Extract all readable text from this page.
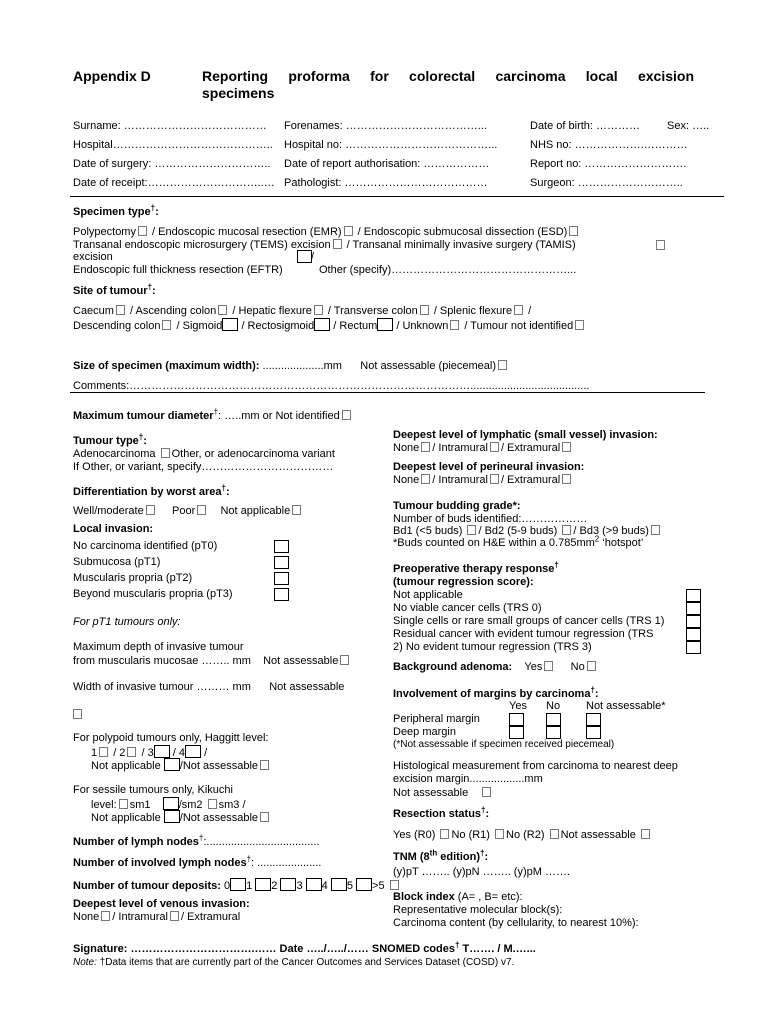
Appendix D	Reporting proforma for colorectal carcinoma local excision
specimens
Surname: ………………………………… Forenames: ………………………………...	Date of birth: ………… Sex: …..
Hospital…………………………………….. Hospital no: …………………………………...	NHS no: ……………….…………
Date of surgery: ………………………….. Date of report authorisation: ………………	Report no: ……………………….
Date of receipt:…………………………..… Pathologist: …………………………………	Surgeon: ………………………..
Specimen type†:
Polypectomy / Endoscopic mucosal resection (EMR) / Endoscopic submucosal dissection (ESD)
Transanal endoscopic microsurgery (TEMS) excision / Transanal minimally invasive surgery (TAMIS)
excision	/
Endoscopic full thickness resection (EFTR)	Other (specify)…………………………………………...
Site of tumour†:
Caecum / Ascending colon / Hepatic flexure / Transverse colon / Splenic flexure /
Descending colon / Sigmoid / Rectosigmoid / Rectum / Unknown / Tumour not identified
Size of specimen (maximum width): ....................mm Not assessable (piecemeal)
Comments:………………………………………………………………………………….......................................
Maximum tumour diameter†: …..mm or Not identified
Tumour type†:
Adenocarcinoma Other, or adenocarcinoma variant
If Other, or variant, specify………………………………
Differentiation by worst area†:
Well/moderate	Poor Not applicable
Local invasion:
No carcinoma identified (pT0)
Submucosa (pT1)
Muscularis propria (pT2)
Beyond muscularis propria (pT3)
For pT1 tumours only:
Maximum depth of invasive tumour
from muscularis mucosae …….. mm Not assessable
Width of invasive tumour ……… mm Not assessable
For polypoid tumours only, Haggitt level:
1 / 2 / 3 / 4 /
Not applicable /Not assessable
For sessile tumours only, Kikuchi
level: sm1	/sm2 sm3 /
Not applicable /Not assessable
Number of lymph nodes†:.....................................
Number of involved lymph nodes†: .....................
Number of tumour deposits: 0 1 2 3 4 5 >5
Deepest level of venous invasion:
None / Intramural / Extramural
Deepest level of lymphatic (small vessel) invasion:
None / Intramural / Extramural
Deepest level of perineural invasion:
None / Intramural / Extramural
Tumour budding grade*:
Number of buds identified:………………
Bd1 (<5 buds) / Bd2 (5-9 buds) / Bd3 (>9 buds)
*Buds counted on H&E within a $0.785mm^2$ ‘hotspot’
Preoperative therapy response†
(tumour regression score):
Not applicable
No viable cancer cells (TRS 0)
Single cells or rare small groups of cancer cells (TRS 1)
Residual cancer with evident tumour regression (TRS
2) No evident tumour regression (TRS 3)
Background adenoma: Yes	No
Involvement of margins by carcinoma†:
Yes No Not assessable*
Peripheral margin
Deep margin
(*Not assessable if specimen received piecemeal)
Histological measurement from carcinoma to nearest deep
excision margin..................mm
Not assessable
Resection status†:
Yes (R0) No (R1) No (R2) Not assessable
TNM (8th edition)†:
(y)pT …….. (y)pN …….. (y)pM …….
Block index (A= , B= etc):
Representative molecular block(s):
Carcinoma content (by cellularity, to nearest 10%):
Signature: …………………………….…… Date …../…../…… SNOMED codes† T……. / M.…...
Note: †Data items that are currently part of the Cancer Outcomes and Services Dataset (COSD) v7.
